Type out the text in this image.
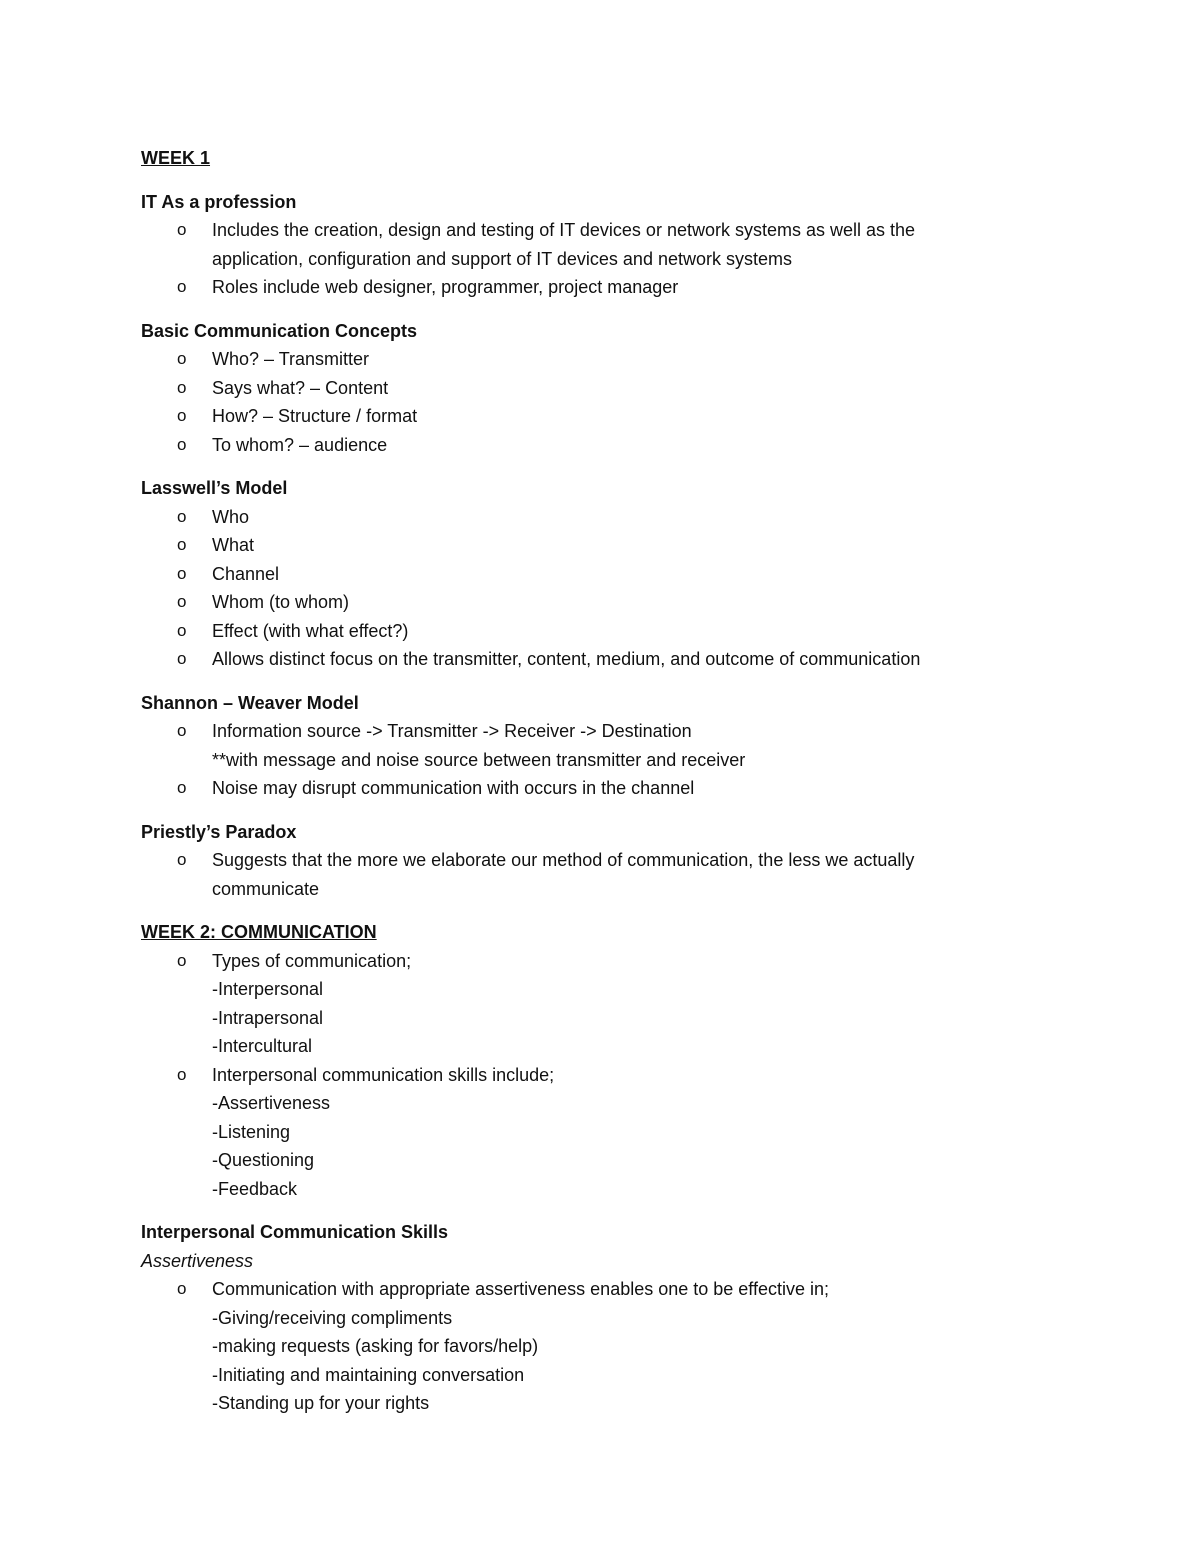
WEEK 1

IT As a profession

o Includes the creation, design and testing of IT devices or network systems as well as the
application, configuration and support of IT devices and network systems
o Roles include web designer, programmer, project manager

Basic Communication Concepts

o Who? – Transmitter
o Says what? – Content
o How? – Structure / format
o To whom? – audience

Lasswell’s Model

o Who
o What
o Channel
o Whom (to whom)
o Effect (with what effect?)
o Allows distinct focus on the transmitter, content, medium, and outcome of communication

Shannon – Weaver Model

o Information source -> Transmitter -> Receiver -> Destination
**with message and noise source between transmitter and receiver
o Noise may disrupt communication with occurs in the channel

Priestly’s Paradox

o Suggests that the more we elaborate our method of communication, the less we actually
communicate

WEEK 2: COMMUNICATION

o Types of communication;
-Interpersonal
-Intrapersonal
-Intercultural
o Interpersonal communication skills include;
-Assertiveness
-Listening
-Questioning
-Feedback

Interpersonal Communication Skills

Assertiveness

o Communication with appropriate assertiveness enables one to be effective in;
-Giving/receiving compliments
-making requests (asking for favors/help)
-Initiating and maintaining conversation
-Standing up for your rights
